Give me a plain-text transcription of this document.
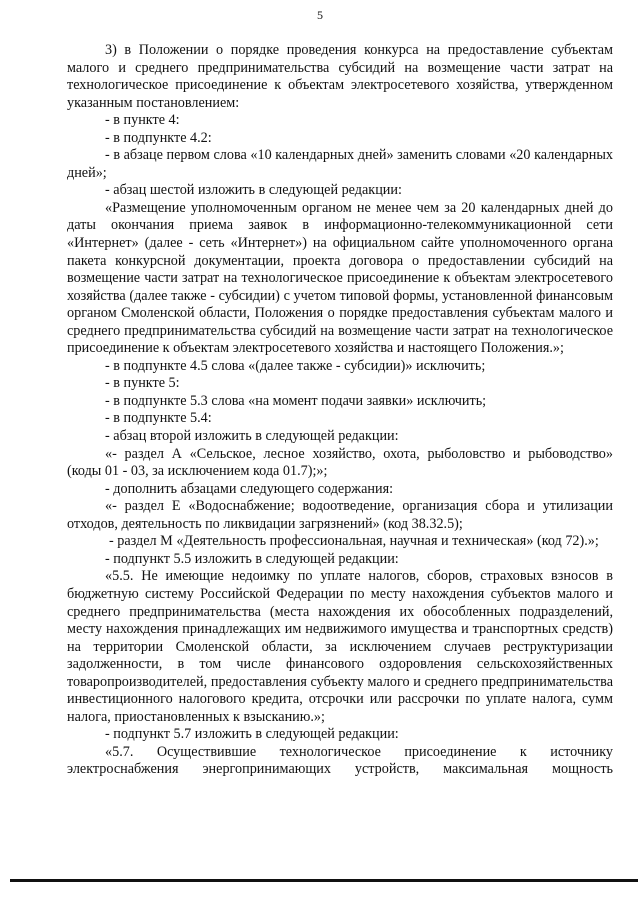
5

3) в Положении о порядке проведения конкурса на предоставление субъектам малого и среднего предпринимательства субсидий на возмещение части затрат на технологическое присоединение к объектам электросетевого хозяйства, утвержденном указанным постановлением:

- в пункте 4:

- в подпункте 4.2:

- в абзаце первом слова «10 календарных дней» заменить словами «20 календарных дней»;

- абзац шестой изложить в следующей редакции:

«Размещение уполномоченным органом не менее чем за 20 календарных дней до даты окончания приема заявок в информационно-телекоммуникационной сети «Интернет» (далее - сеть «Интернет») на официальном сайте уполномоченного органа пакета конкурсной документации, проекта договора о предоставлении субсидий на возмещение части затрат на технологическое присоединение к объектам электросетевого хозяйства (далее также - субсидии) с учетом типовой формы, установленной финансовым органом Смоленской области, Положения о порядке предоставления субъектам малого и среднего предпринимательства субсидий на возмещение части затрат на технологическое присоединение к объектам электросетевого хозяйства и настоящего Положения.»;

- в подпункте 4.5 слова «(далее также - субсидии)» исключить;

- в пункте 5:

- в подпункте 5.3 слова «на момент подачи заявки» исключить;

- в подпункте 5.4:

- абзац второй изложить в следующей редакции:

«- раздел А «Сельское, лесное хозяйство, охота, рыболовство и рыбоводство» (коды 01 - 03, за исключением кода 01.7);»;

- дополнить абзацами следующего содержания:

«- раздел Е «Водоснабжение; водоотведение, организация сбора и утилизации отходов, деятельность по ликвидации загрязнений» (код 38.32.5);

- раздел М «Деятельность профессиональная, научная и техническая» (код 72).»;

- подпункт 5.5 изложить в следующей редакции:

«5.5. Не имеющие недоимку по уплате налогов, сборов, страховых взносов в бюджетную систему Российской Федерации по месту нахождения субъектов малого и среднего предпринимательства (места нахождения их обособленных подразделений, месту нахождения принадлежащих им недвижимого имущества и транспортных средств) на территории Смоленской области, за исключением случаев реструктуризации задолженности, в том числе финансового оздоровления сельскохозяйственных товаропроизводителей, предоставления субъекту малого и среднего предпринимательства инвестиционного налогового кредита, отсрочки или рассрочки по уплате налога, сумм налога, приостановленных к взысканию.»;

- подпункт 5.7 изложить в следующей редакции:

«5.7. Осуществившие технологическое присоединение к источнику электроснабжения энергопринимающих устройств, максимальная мощность
